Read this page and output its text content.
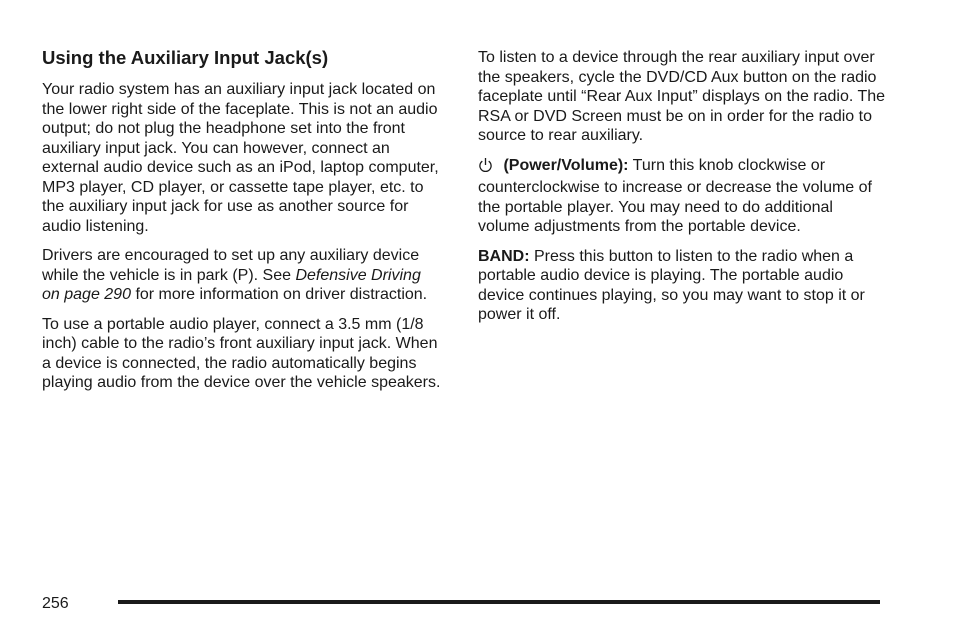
Using the Auxiliary Input Jack(s)

Your radio system has an auxiliary input jack located on the lower right side of the faceplate. This is not an audio output; do not plug the headphone set into the front auxiliary input jack. You can however, connect an external audio device such as an iPod, laptop computer, MP3 player, CD player, or cassette tape player, etc. to the auxiliary input jack for use as another source for audio listening.

Drivers are encouraged to set up any auxiliary device while the vehicle is in park (P). See Defensive Driving on page 290 for more information on driver distraction.

To use a portable audio player, connect a 3.5 mm (1/8 inch) cable to the radio’s front auxiliary input jack. When a device is connected, the radio automatically begins playing audio from the device over the vehicle speakers.

To listen to a device through the rear auxiliary input over the speakers, cycle the DVD/CD Aux button on the radio faceplate until “Rear Aux Input” displays on the radio. The RSA or DVD Screen must be on in order for the radio to source to rear auxiliary.

(Power/Volume): Turn this knob clockwise or counterclockwise to increase or decrease the volume of the portable player. You may need to do additional volume adjustments from the portable device.

BAND: Press this button to listen to the radio when a portable audio device is playing. The portable audio device continues playing, so you may want to stop it or power it off.

256
